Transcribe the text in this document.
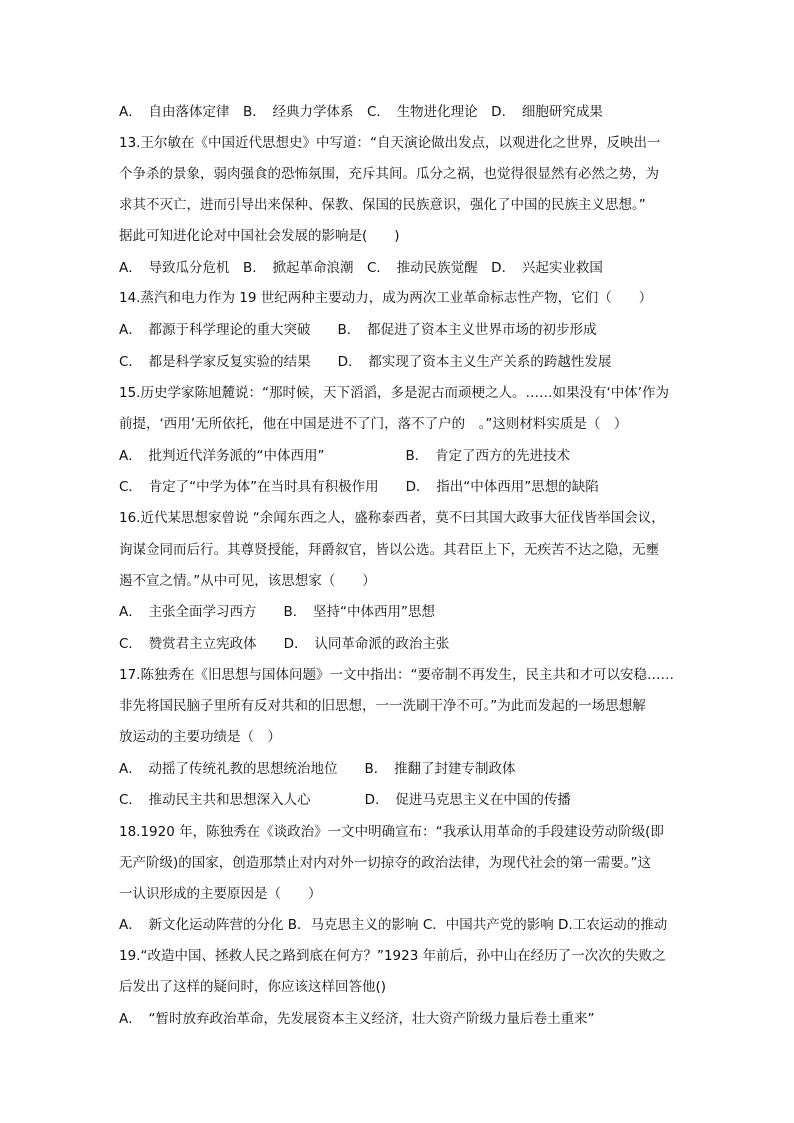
A．　自由落体定律　B．　经典力学体系　C．　生物进化理论　D．　细胞研究成果
13.王尔敏在《中国近代思想史》中写道：“自天演论做出发点，以观进化之世界，反映出一
个争杀的景象，弱肉强食的恐怖氛围，充斥其间。瓜分之祸，也觉得很显然有必然之势，为
求其不灭亡，进而引导出来保种、保教、保国的民族意识，强化了中国的民族主义思想。”
据此可知进化论对中国社会发展的影响是(　　)
A．　导致瓜分危机　B．　掀起革命浪潮　C．　推动民族觉醒　D．　兴起实业救国
14.蒸汽和电力作为 19 世纪两种主要动力，成为两次工业革命标志性产物，它们（　　）
A．　都源于科学理论的重大突破　　B．　都促进了资本主义世界市场的初步形成
C．　都是科学家反复实验的结果　　D．　都实现了资本主义生产关系的跨越性发展
15.历史学家陈旭麓说：“那时候，天下滔滔，多是泥古而顽梗之人。……如果没有‘中体’作为
前提，‘西用’无所依托，他在中国是进不了门，落不了户的　。”这则材料实质是（　）
A．　批判近代洋务派的“中体西用”　　　　　　B．　肯定了西方的先进技术
C．　肯定了“中学为体”在当时具有积极作用　　D．　指出“中体西用”思想的缺陷
16.近代某思想家曾说 “余闻东西之人，盛称泰西者，莫不曰其国大政事大征伐皆举国会议，
询谋佥同而后行。其尊贤授能，拜爵叙官，皆以公选。其君臣上下，无疾苦不达之隐，无壅
遏不宣之情。”从中可见，该思想家（　　）
A．　主张全面学习西方　　B．　坚持“中体西用”思想
C．　赞赏君主立宪政体　　D．　认同革命派的政治主张
17.陈独秀在《旧思想与国体问题》一文中指出：“要帝制不再发生，民主共和才可以安稳……
非先将国民脑子里所有反对共和的旧思想，一一洗刷干净不可。”为此而发起的一场思想解
放运动的主要功绩是（　）
A．　动摇了传统礼教的思想统治地位　　B．　推翻了封建专制政体
C．　推动民主共和思想深入人心　　　　D．　促进马克思主义在中国的传播
18.1920 年，陈独秀在《谈政治》一文中明确宣布：“我承认用革命的手段建设劳动阶级(即
无产阶级)的国家，创造那禁止对内对外一切掠夺的政治法律，为现代社会的第一需要。”这
一认识形成的主要原因是（　　）
A．　新文化运动阵营的分化 B．马克思主义的影响 C．中国共产党的影响 D.工农运动的推动
19.“改造中国、拯救人民之路到底在何方？”1923 年前后，孙中山在经历了一次次的失败之
后发出了这样的疑问时，你应该这样回答他()
A．　“暂时放弃政治革命，先发展资本主义经济，壮大资产阶级力量后卷土重来”
